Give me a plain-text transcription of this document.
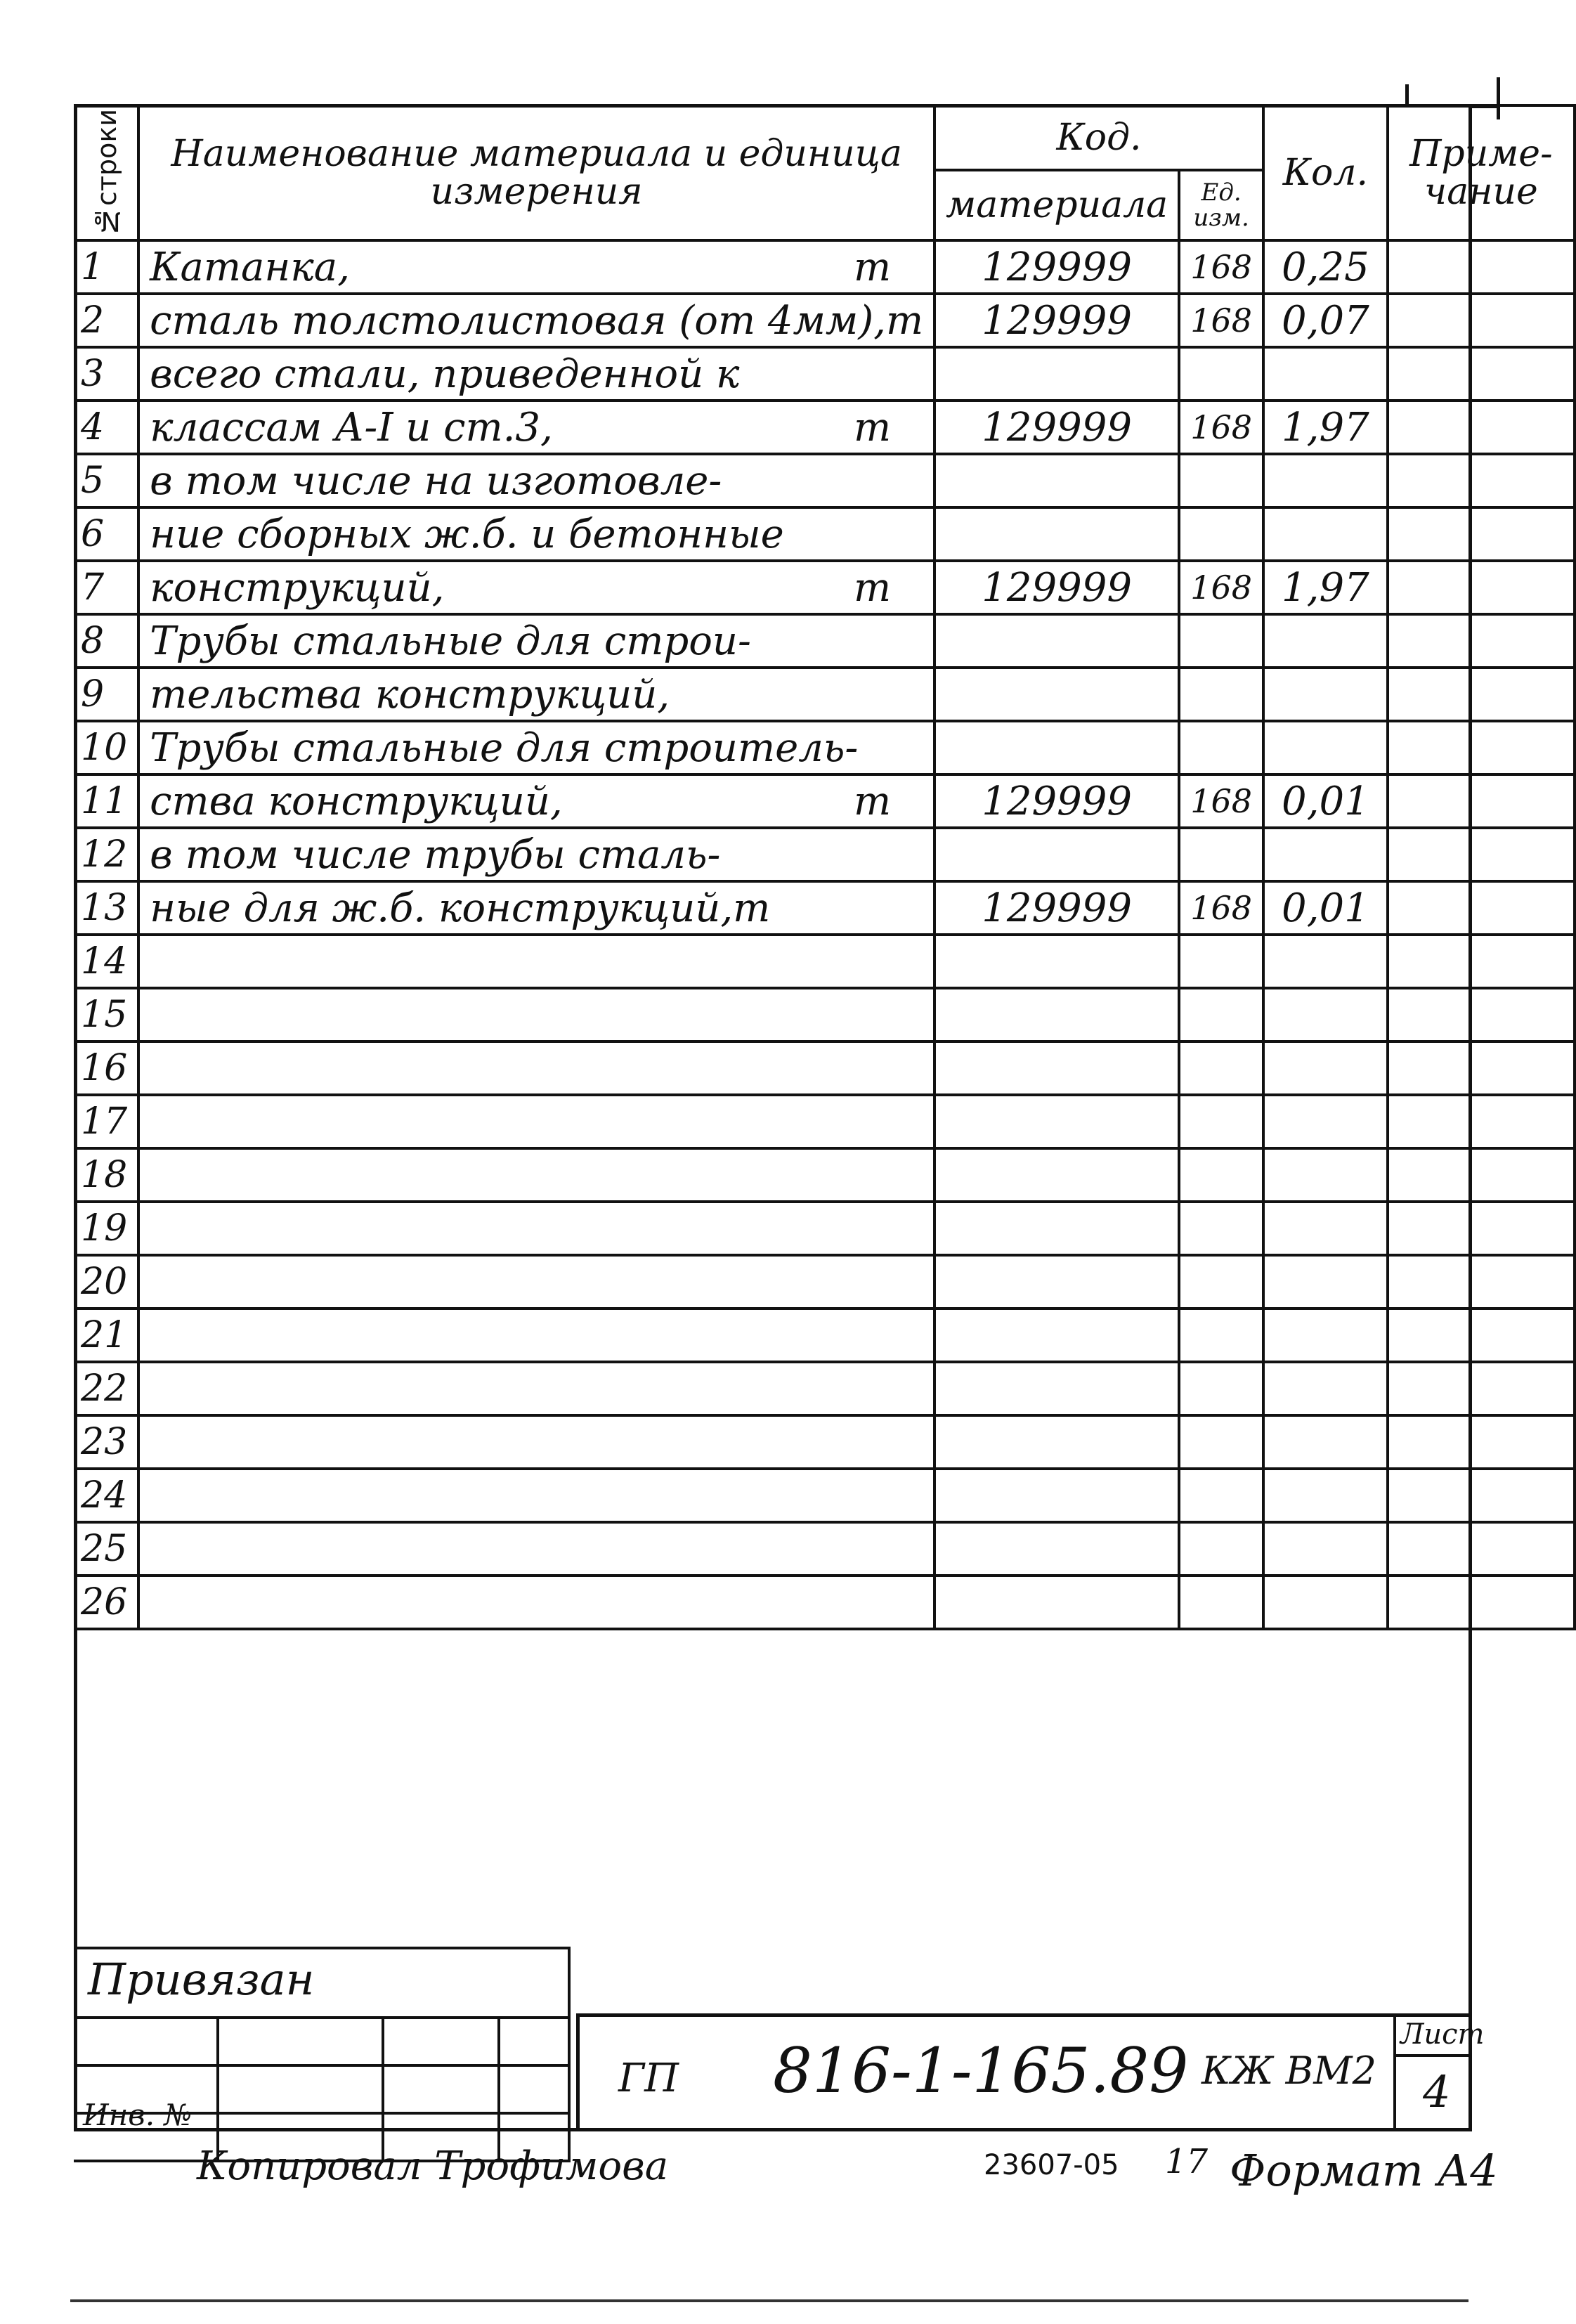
№строки	Наименование материала и единица измерения	Код.		Кол.	Приме- чание
		материала	Ед. изм.		
1	Катанка, т	129999	168	0,25	
2	сталь толстолистовая (от 4мм),т	129999	168	0,07	
3	всего стали, приведенной к

4	классам А-I и ст.3, т	129999	168	1,97	
5	в том числе на изготовле-

6	ние сборных ж.б. и бетонные

7	конструкций, т	129999	168	1,97	
8	Трубы стальные для строи-

9	тельства конструкций,

10	Трубы стальные для строитель-

11	ства конструкций, т	129999	168	0,01	
12	в том числе трубы сталь-

13	ные для ж.б. конструкций,т	129999	168	0,01	
14	

15	

16	

17	

18	

19	

20	

21	

22	

23	

24	

25	

26	

Привязан
Инв. №
ГП 816-1-165.89 КЖ ВМ2
Лист
4
Копировал Трофимова	23607-05 17 Формат А4
